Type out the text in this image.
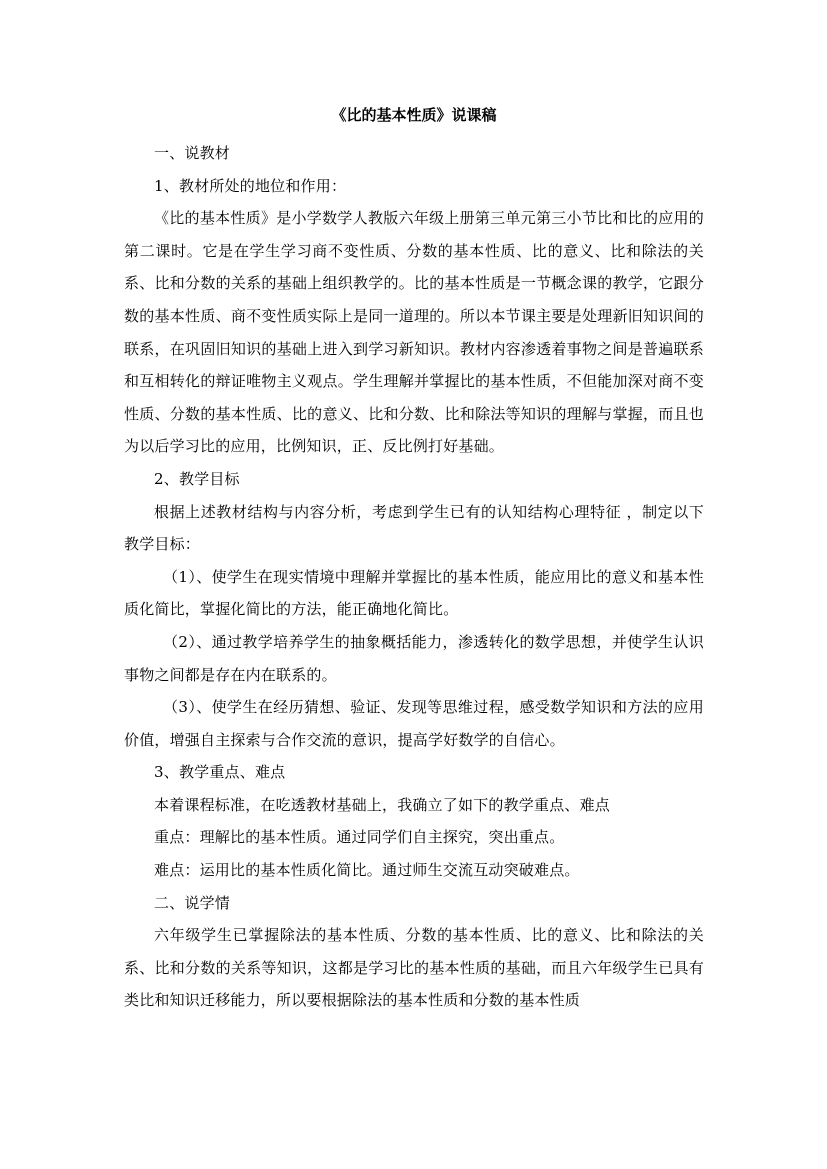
《比的基本性质》说课稿

一、说教材

1、教材所处的地位和作用：

《比的基本性质》是小学数学人教版六年级上册第三单元第三小节比和比的应用的第二课时。它是在学生学习商不变性质、分数的基本性质、比的意义、比和除法的关系、比和分数的关系的基础上组织教学的。比的基本性质是一节概念课的教学，它跟分数的基本性质、商不变性质实际上是同一道理的。所以本节课主要是处理新旧知识间的联系，在巩固旧知识的基础上进入到学习新知识。教材内容渗透着事物之间是普遍联系和互相转化的辩证唯物主义观点。学生理解并掌握比的基本性质，不但能加深对商不变性质、分数的基本性质、比的意义、比和分数、比和除法等知识的理解与掌握，而且也为以后学习比的应用，比例知识，正、反比例打好基础。

2、教学目标

根据上述教材结构与内容分析，考虑到学生已有的认知结构心理特征 ，制定以下教学目标：

（1）、使学生在现实情境中理解并掌握比的基本性质，能应用比的意义和基本性质化简比，掌握化简比的方法，能正确地化简比。

（2）、通过教学培养学生的抽象概括能力，渗透转化的数学思想，并使学生认识事物之间都是存在内在联系的。

（3）、使学生在经历猜想、验证、发现等思维过程，感受数学知识和方法的应用价值，增强自主探索与合作交流的意识，提高学好数学的自信心。

3、教学重点、难点

本着课程标准，在吃透教材基础上，我确立了如下的教学重点、难点

重点：理解比的基本性质。通过同学们自主探究，突出重点。

难点：运用比的基本性质化简比。通过师生交流互动突破难点。

二、说学情

六年级学生已掌握除法的基本性质、分数的基本性质、比的意义、比和除法的关系、比和分数的关系等知识，这都是学习比的基本性质的基础，而且六年级学生已具有类比和知识迁移能力，所以要根据除法的基本性质和分数的基本性质
